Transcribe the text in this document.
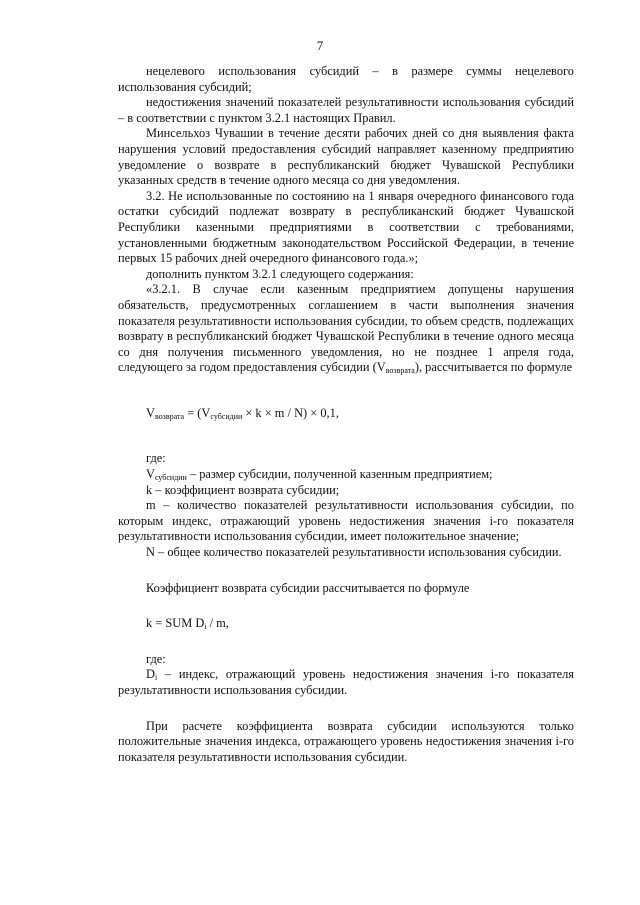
7

нецелевого использования субсидий – в размере суммы нецелевого использования субсидий;

недостижения значений показателей результативности использования субсидий – в соответствии с пунктом 3.2.1 настоящих Правил.

Минсельхоз Чувашии в течение десяти рабочих дней со дня выявления факта нарушения условий предоставления субсидий направляет казенному предприятию уведомление о возврате в республиканский бюджет Чувашской Республики указанных средств в течение одного месяца со дня уведомления.

3.2. Не использованные по состоянию на 1 января очередного финансового года остатки субсидий подлежат возврату в республиканский бюджет Чувашской Республики казенными предприятиями в соответствии с требованиями, установленными бюджетным законодательством Российской Федерации, в течение первых 15 рабочих дней очередного финансового года.»;

дополнить пунктом 3.2.1 следующего содержания:

«3.2.1. В случае если казенным предприятием допущены нарушения обязательств, предусмотренных соглашением в части выполнения значения показателя результативности использования субсидии, то объем средств, подлежащих возврату в республиканский бюджет Чувашской Республики в течение одного месяца со дня получения письменного уведомления, но не позднее 1 апреля года, следующего за годом предоставления субсидии $(V_{возврата})$, рассчитывается по формуле

$V_{возврата} = (V_{субсидии} \times k \times m / N) \times 0,1$,

где:

$V_{субсидии}$ – размер субсидии, полученной казенным предприятием;

k – коэффициент возврата субсидии;

m – количество показателей результативности использования субсидии, по которым индекс, отражающий уровень недостижения значения i-го показателя результативности использования субсидии, имеет положительное значение;

N – общее количество показателей результативности использования субсидии.

Коэффициент возврата субсидии рассчитывается по формуле

k = SUM $D_i$ / m,

где:

$D_i$ – индекс, отражающий уровень недостижения значения i-го показателя результативности использования субсидии.

При расчете коэффициента возврата субсидии используются только положительные значения индекса, отражающего уровень недостижения значения i-го показателя результативности использования субсидии.
